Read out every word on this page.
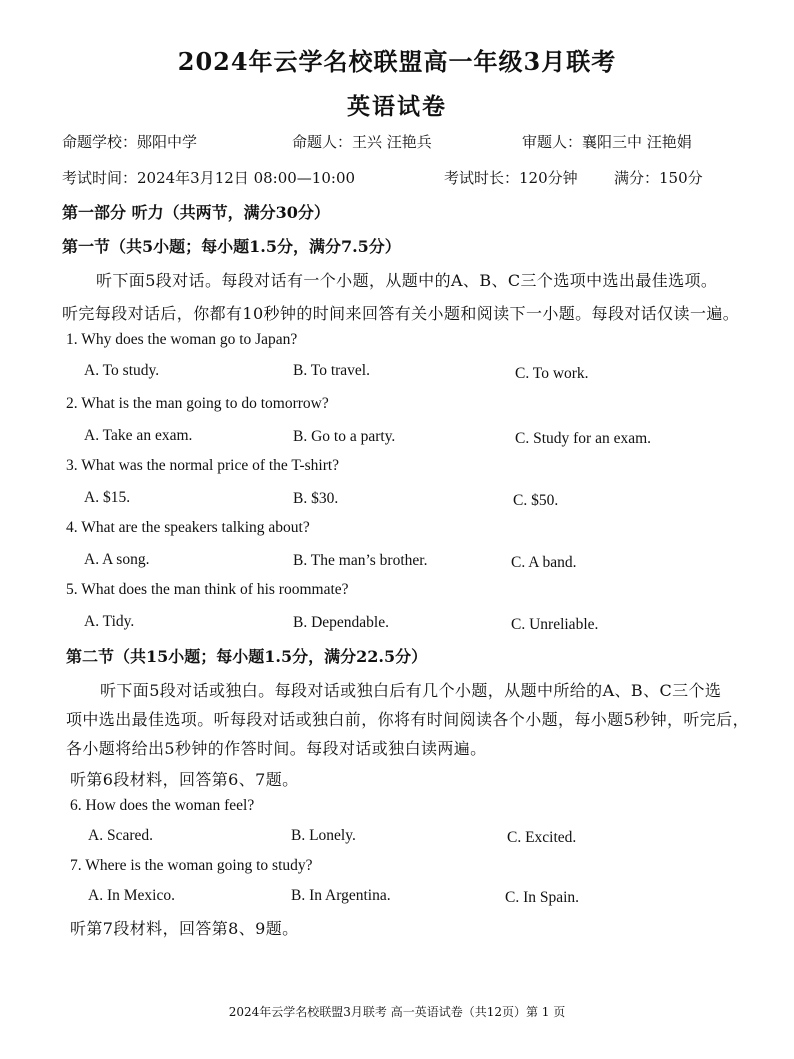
2024年云学名校联盟高一年级3月联考
英语试卷
命题学校：郧阳中学	命题人：王兴 汪艳兵	审题人：襄阳三中 汪艳娟
考试时间：2024年3月12日 08:00—10:00	考试时长：120分钟 满分：150分
第一部分 听力（共两节，满分30分）
第一节（共5小题；每小题1.5分，满分7.5分）
听下面5段对话。每段对话有一个小题，从题中的A、B、C三个选项中选出最佳选项。
听完每段对话后，你都有10秒钟的时间来回答有关小题和阅读下一小题。每段对话仅读一遍。
1. Why does the woman go to Japan?
A. To study.	B. To travel.	C. To work.
2. What is the man going to do tomorrow?
A. Take an exam.	B. Go to a party.	C. Study for an exam.
3. What was the normal price of the T-shirt?
A. $15.	B. $30.	C. $50.
4. What are the speakers talking about?
A. A song.	B. The man’s brother.	C. A band.
5. What does the man think of his roommate?
A. Tidy.	B. Dependable.	C. Unreliable.
第二节（共15小题；每小题1.5分，满分22.5分）
听下面5段对话或独白。每段对话或独白后有几个小题，从题中所给的A、B、C三个选
项中选出最佳选项。听每段对话或独白前，你将有时间阅读各个小题，每小题5秒钟，听完后，
各小题将给出5秒钟的作答时间。每段对话或独白读两遍。
听第6段材料，回答第6、7题。
6. How does the woman feel?
A. Scared.	B. Lonely.	C. Excited.
7. Where is the woman going to study?
A. In Mexico.	B. In Argentina.	C. In Spain.
听第7段材料，回答第8、9题。
2024年云学名校联盟3月联考 高一英语试卷（共12页）第 1 页
